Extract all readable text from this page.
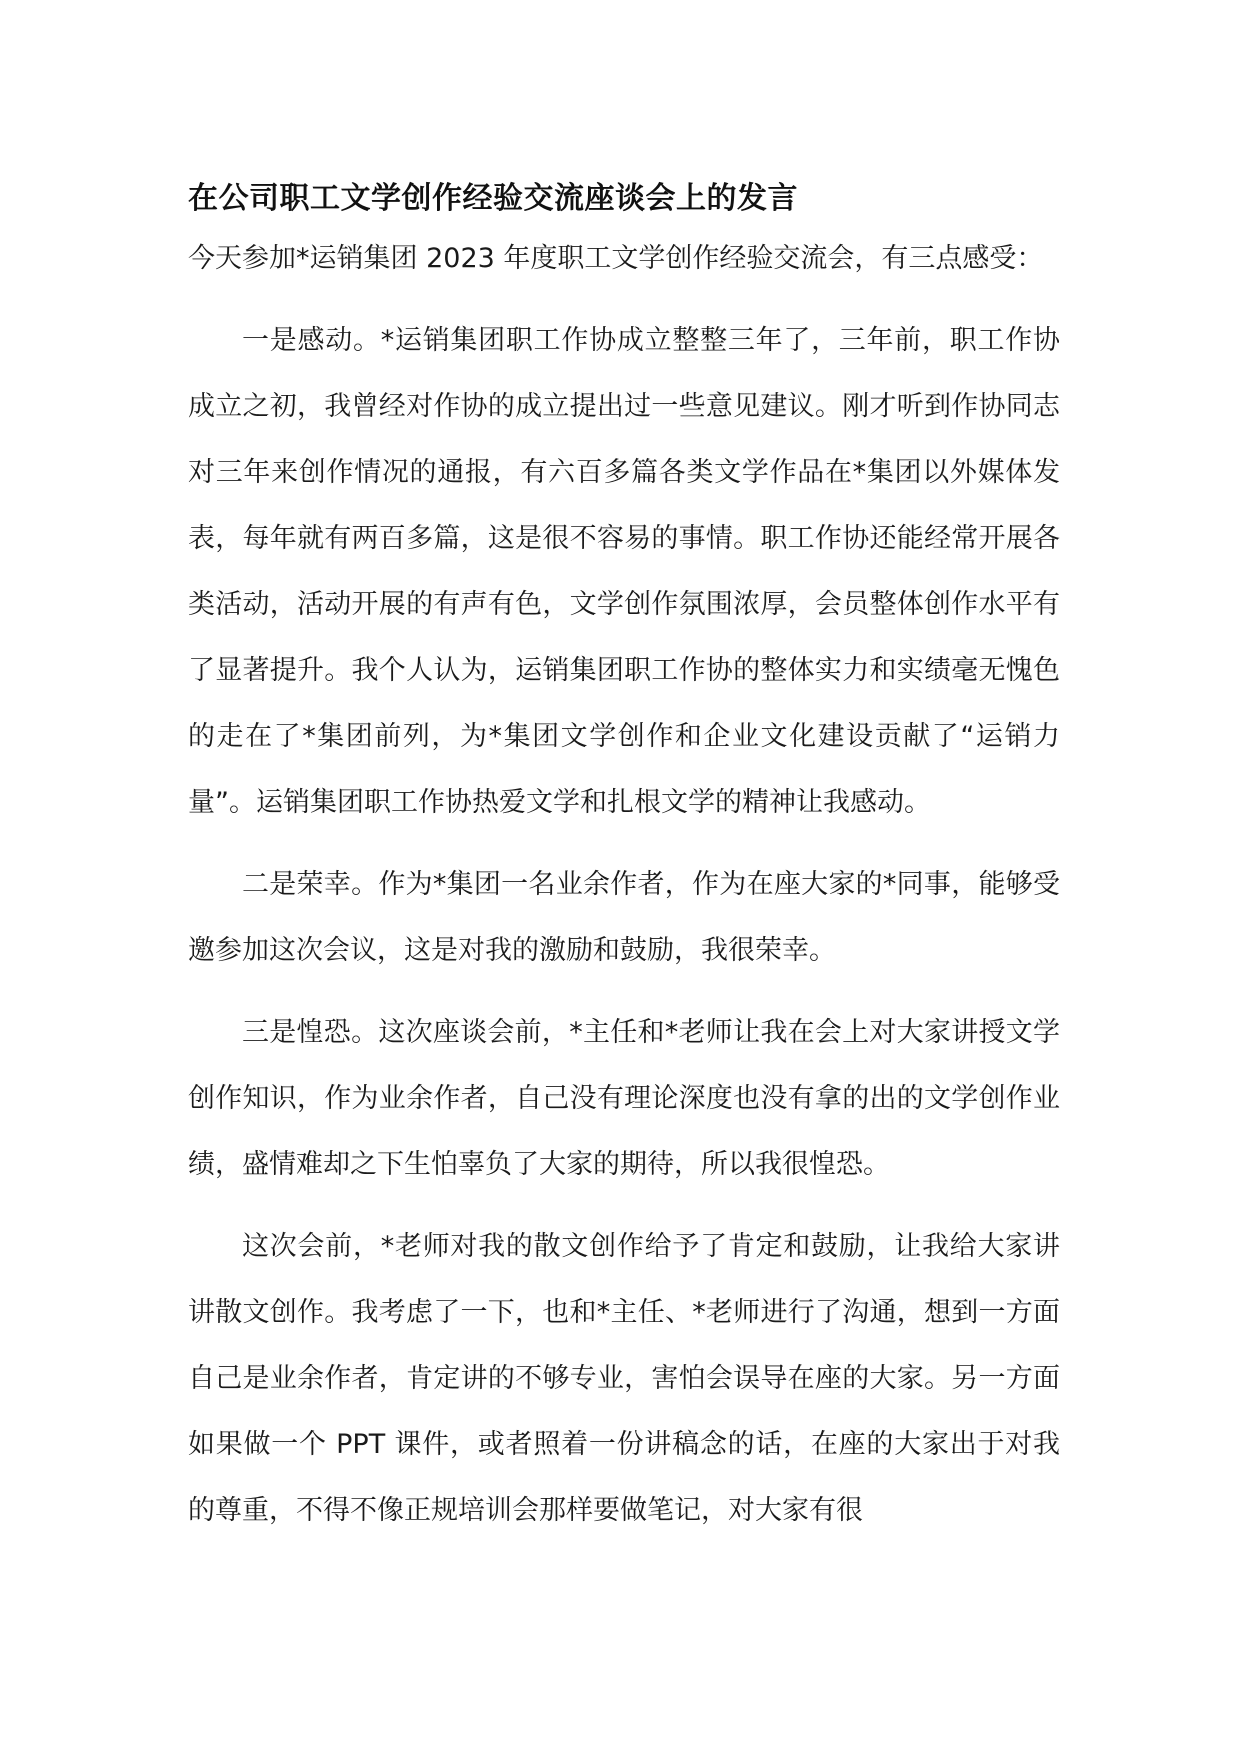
在公司职工文学创作经验交流座谈会上的发言

今天参加*运销集团 2023 年度职工文学创作经验交流会，有三点感受：

一是感动。*运销集团职工作协成立整整三年了，三年前，职工作协成立之初，我曾经对作协的成立提出过一些意见建议。刚才听到作协同志对三年来创作情况的通报，有六百多篇各类文学作品在*集团以外媒体发表，每年就有两百多篇，这是很不容易的事情。职工作协还能经常开展各类活动，活动开展的有声有色，文学创作氛围浓厚，会员整体创作水平有了显著提升。我个人认为，运销集团职工作协的整体实力和实绩毫无愧色的走在了*集团前列，为*集团文学创作和企业文化建设贡献了“运销力量”。运销集团职工作协热爱文学和扎根文学的精神让我感动。

二是荣幸。作为*集团一名业余作者，作为在座大家的*同事，能够受邀参加这次会议，这是对我的激励和鼓励，我很荣幸。

三是惶恐。这次座谈会前，*主任和*老师让我在会上对大家讲授文学创作知识，作为业余作者，自己没有理论深度也没有拿的出的文学创作业绩，盛情难却之下生怕辜负了大家的期待，所以我很惶恐。

这次会前，*老师对我的散文创作给予了肯定和鼓励，让我给大家讲讲散文创作。我考虑了一下，也和*主任、*老师进行了沟通，想到一方面自己是业余作者，肯定讲的不够专业，害怕会误导在座的大家。另一方面如果做一个 PPT 课件，或者照着一份讲稿念的话，在座的大家出于对我的尊重，不得不像正规培训会那样要做笔记，对大家有很
